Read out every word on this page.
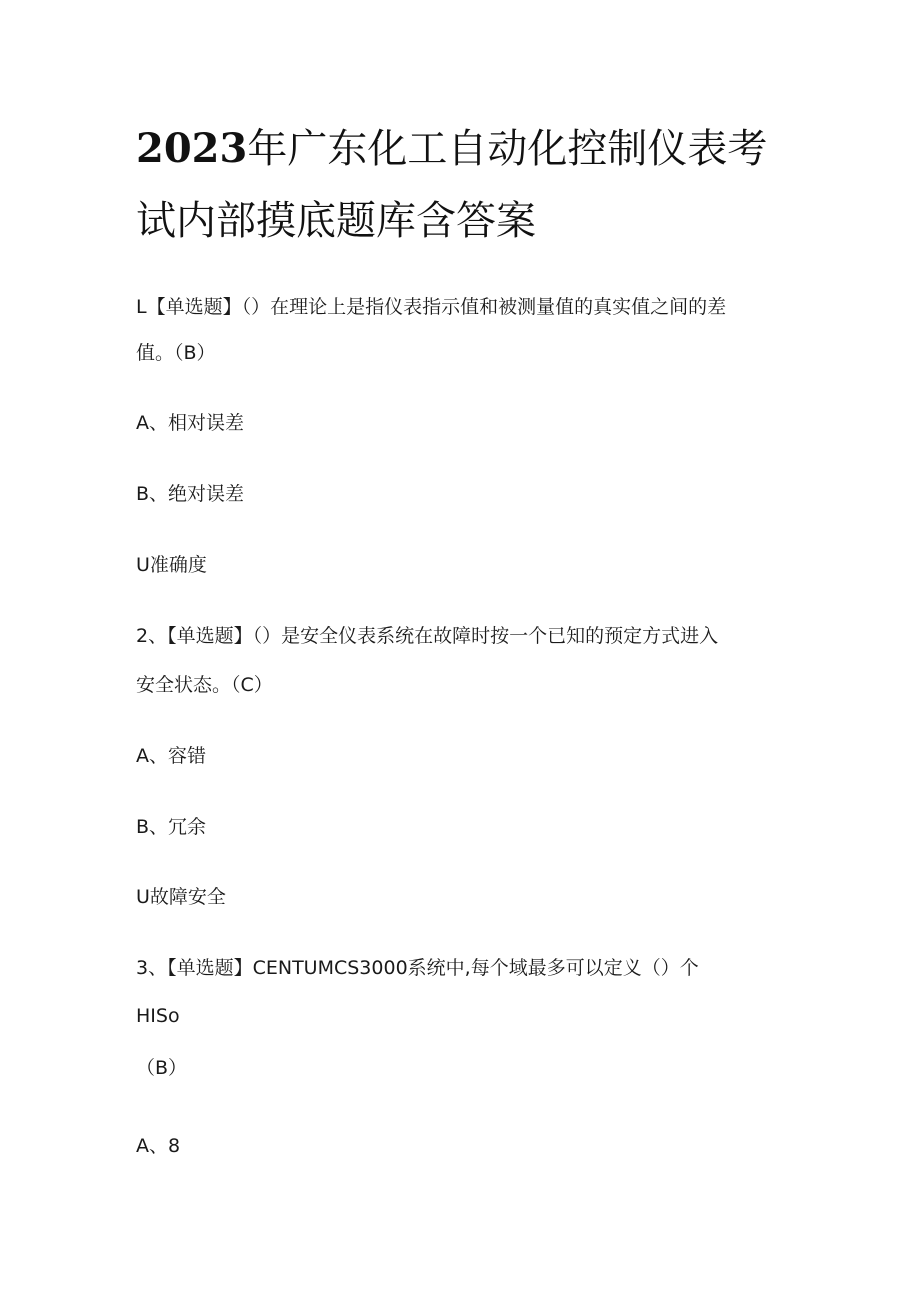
2023年广东化工自动化控制仪表考
试内部摸底题库含答案

L【单选题】（）在理论上是指仪表指示值和被测量值的真实值之间的差

值。（B）

A、相对误差

B、绝对误差

U准确度

2、【单选题】（）是安全仪表系统在故障时按一个已知的预定方式进入

安全状态。（C）

A、容错

B、冗余

U故障安全

3、【单选题】CENTUMCS3000系统中,每个域最多可以定义（）个

HISo

（B）

A、8
